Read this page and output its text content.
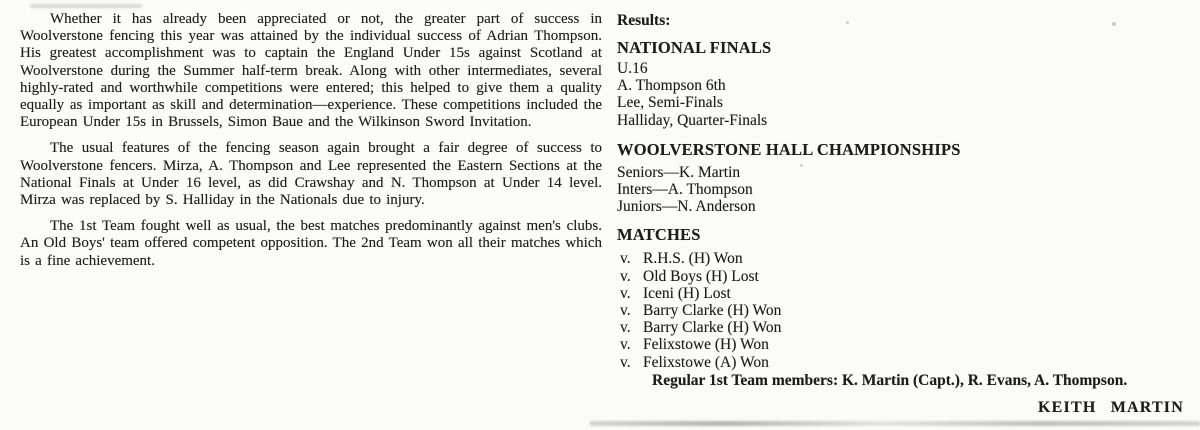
Whether it has already been appreciated or not, the greater part of success in Woolverstone fencing this year was attained by the individual success of Adrian Thompson. His greatest accomplishment was to captain the England Under 15s against Scotland at Woolverstone during the Summer half-term break. Along with other intermediates, several highly-rated and worthwhile competitions were entered; this helped to give them a quality equally as important as skill and determination—experience. These competitions included the European Under 15s in Brussels, Simon Baue and the Wilkinson Sword Invitation.

The usual features of the fencing season again brought a fair degree of success to Woolverstone fencers. Mirza, A. Thompson and Lee represented the Eastern Sections at the National Finals at Under 16 level, as did Crawshay and N. Thompson at Under 14 level. Mirza was replaced by S. Halliday in the Nationals due to injury.

The 1st Team fought well as usual, the best matches predominantly against men's clubs. An Old Boys' team offered competent opposition. The 2nd Team won all their matches which is a fine achievement.

Results:
NATIONAL FINALS
U.16
A. Thompson 6th
Lee, Semi-Finals
Halliday, Quarter-Finals
WOOLVERSTONE HALL CHAMPIONSHIPS
Seniors—K. Martin
Inters—A. Thompson
Juniors—N. Anderson
MATCHES
v. R.H.S. (H) Won
v. Old Boys (H) Lost
v. Iceni (H) Lost
v. Barry Clarke (H) Won
v. Barry Clarke (H) Won
v. Felixstowe (H) Won
v. Felixstowe (A) Won
Regular 1st Team members: K. Martin (Capt.), R. Evans, A. Thompson.
KEITH MARTIN
